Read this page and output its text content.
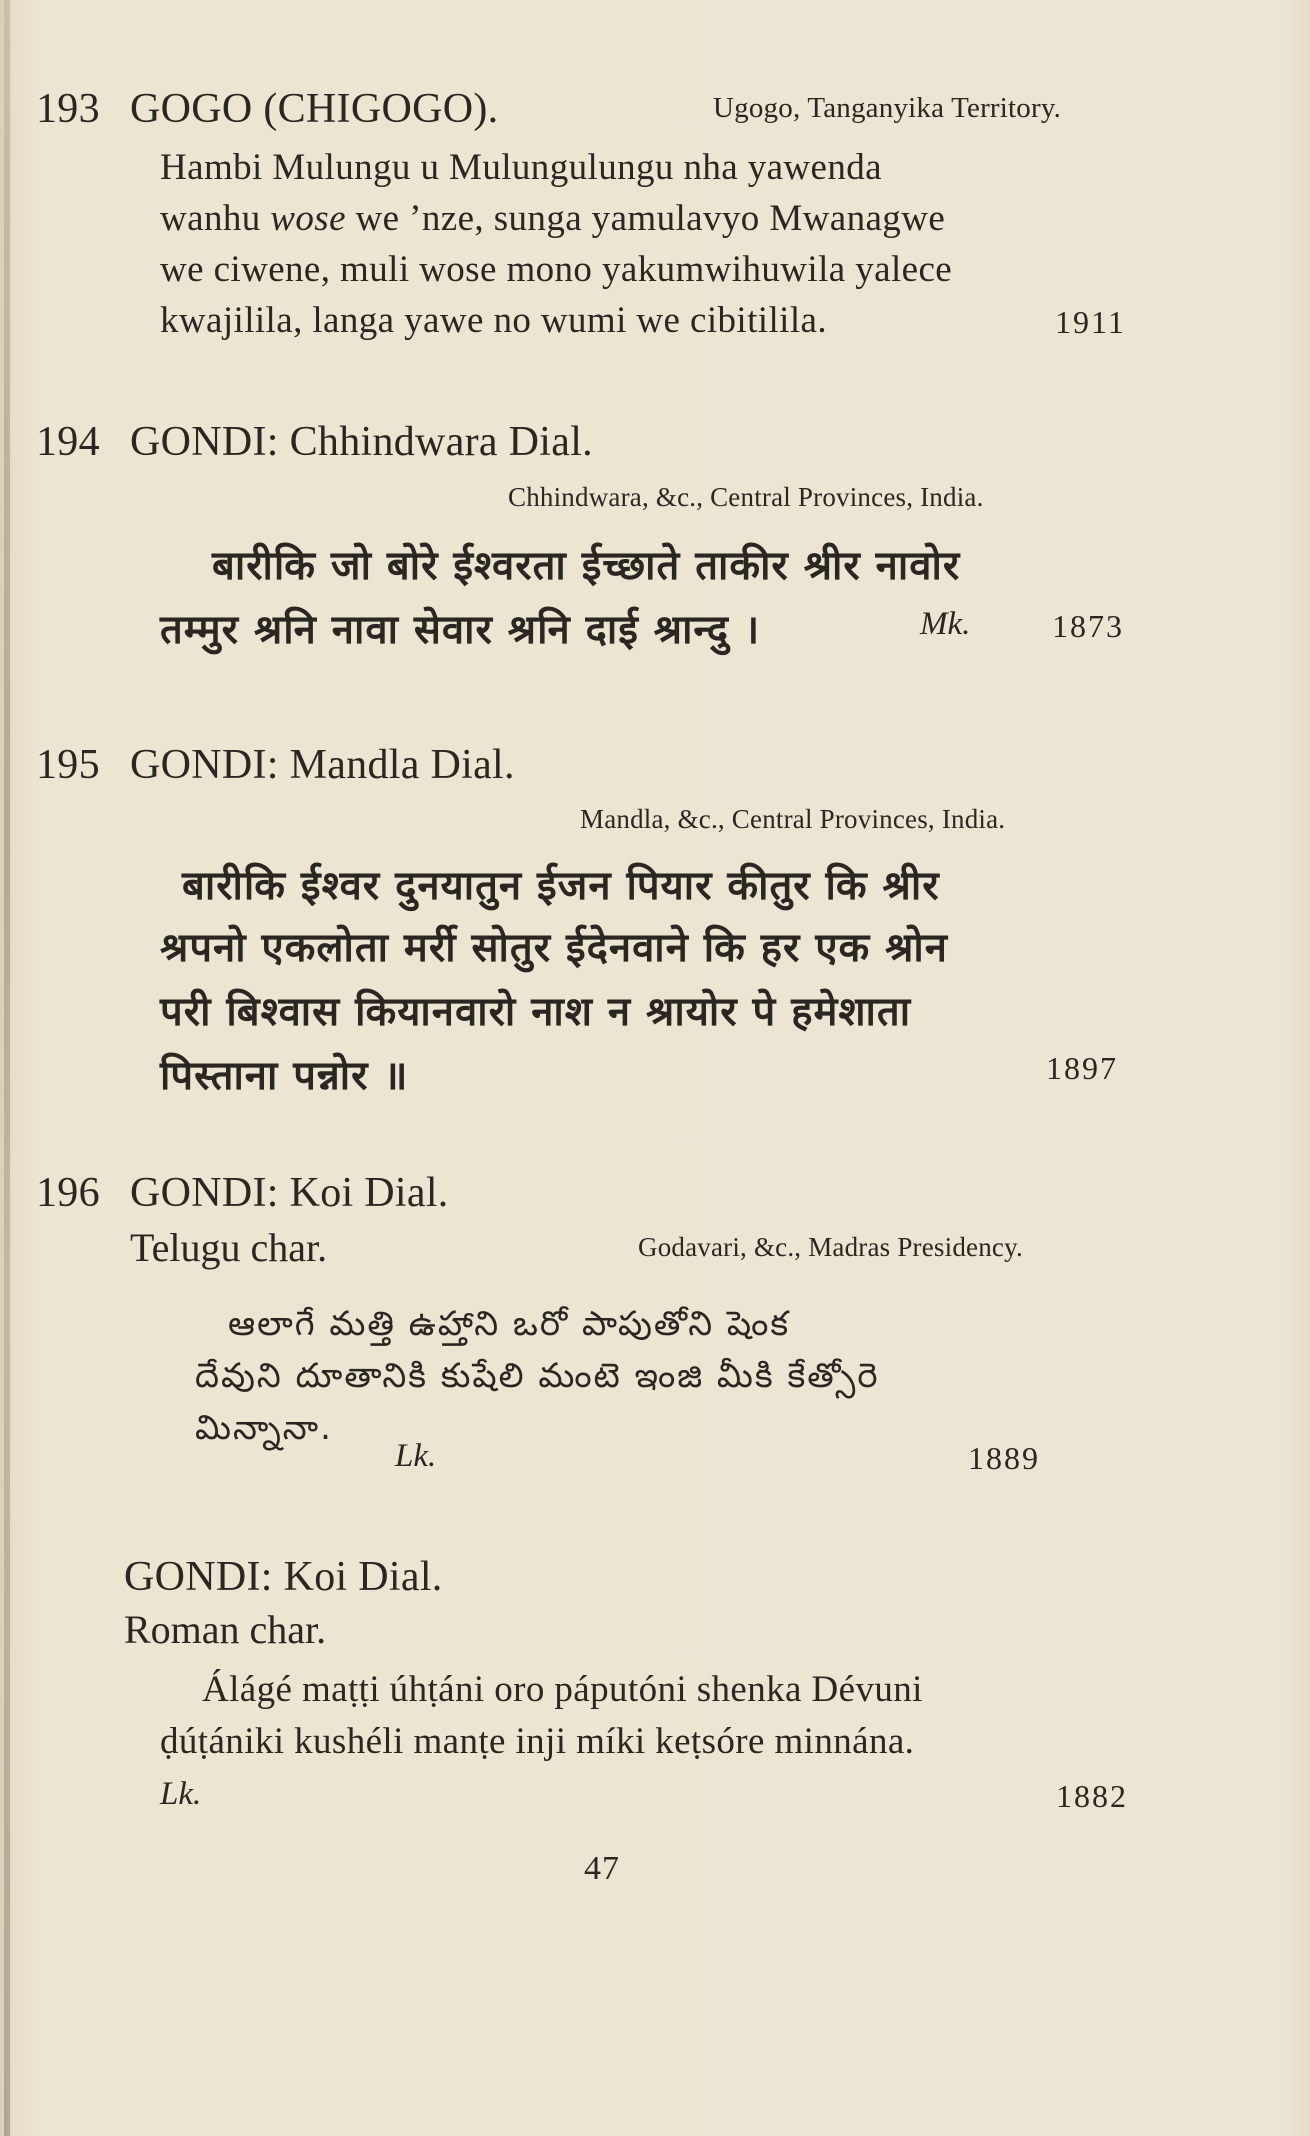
193 GOGO (CHIGOGO).	Ugogo, Tanganyika Territory.
Hambi Mulungu u Mulungulungu nha yawenda
wanhu wose we ’nze, sunga yamulavyo Mwanagwe
we ciwene, muli wose mono yakumwihuwila yalece
kwajilila, langa yawe no wumi we cibitilila.	1911
194 GONDI: Chhindwara Dial.
Chhindwara, &c., Central Provinces, India.
बारीकि जो बोरे ईश्वरता ईच्छाते ताकीर श्रीर नावोर
तम्मुर श्रनि नावा सेवार श्रनि दाई श्रान्दु ।	Mk.	1873
195 GONDI: Mandla Dial.
Mandla, &c., Central Provinces, India.
बारीकि ईश्वर दुनयातुन ईजन पियार कीतुर कि श्रीर
श्रपनो एकलोता मर्री सोतुर ईदेनवाने कि हर एक श्रोन
परी बिश्वास कियानवारो नाश न श्रायोर पे हमेशाता
पिस्ताना पन्नोर ॥	1897
196 GONDI: Koi Dial.
Telugu char.	Godavari, &c., Madras Presidency.
ఆలాగే మత్తి ఉహ్తాని ఒరో పాపుతోని షెంక
దేవుని దూతానికి కుషేలి మంటె ఇంజి మీకి కేత్సోరె
మిన్నానా.
Lk.	1889
GONDI: Koi Dial.
Roman char.
Álágé maṭṭi úhṭáni oro páputóni shenka Dévuni
ḍúṭániki kushéli manṭe inji míki keṭsóre minnána.
Lk.	1882
47
